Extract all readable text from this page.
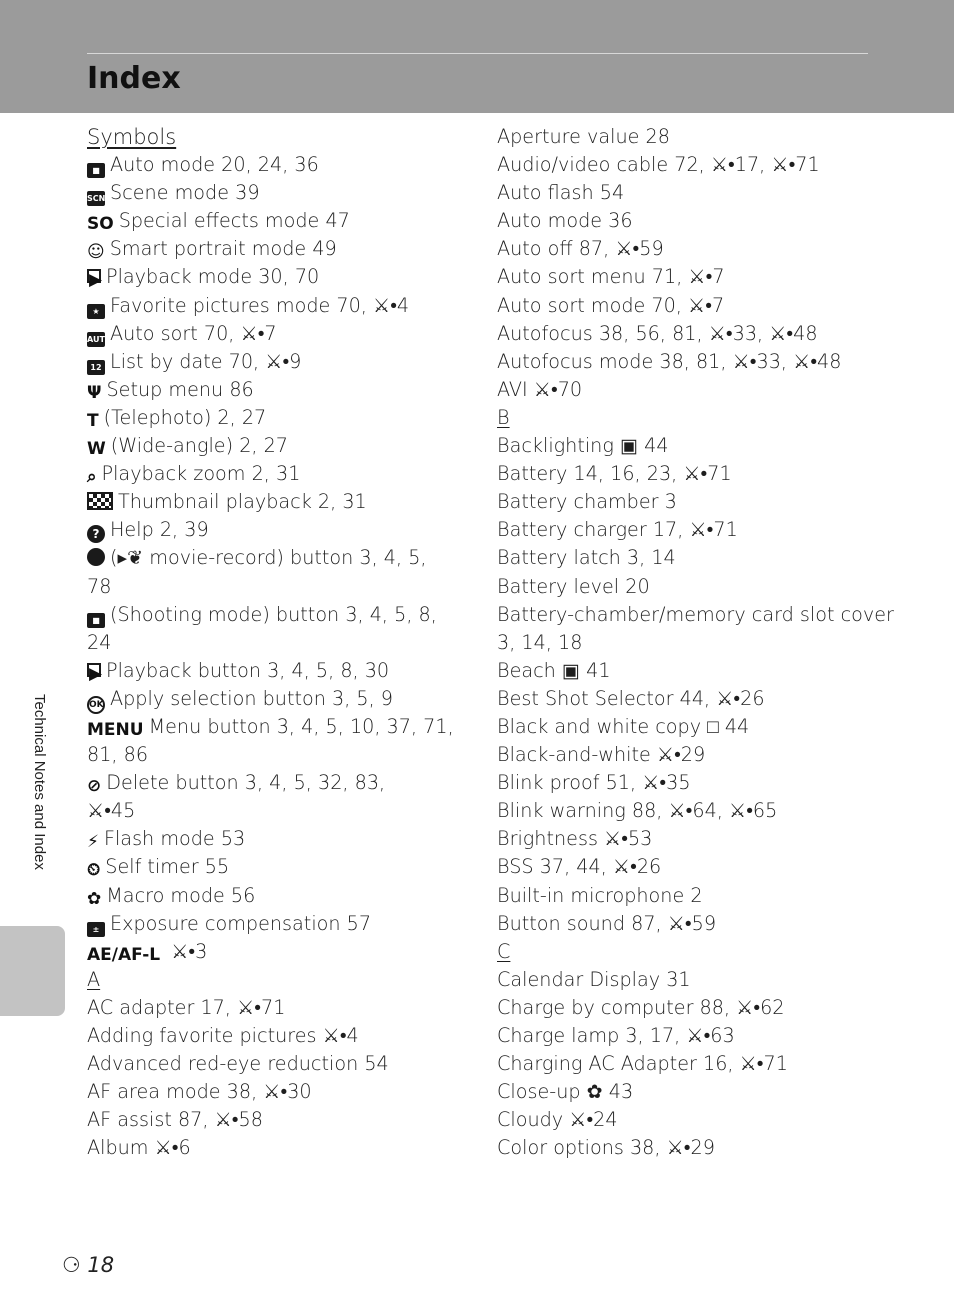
Index
Technical Notes and Index
Symbols
■ Auto mode 20, 24, 36
SCN Scene mode 39
SO Special effects mode 47
☺ Smart portrait mode 49
▶ Playback mode 30, 70
★ Favorite pictures mode 70, ⚔•4
AUTOAuto sort 70, ⚔•7
12 List by date 70, ⚔•9
Ψ Setup menu 86
T (Telephoto) 2, 27
W (Wide-angle) 2, 27
⌕ Playback zoom 2, 31
Thumbnail playback 2, 31
? Help 2, 39
(▸❦ movie-record) button 3, 4, 5,
78
■ (Shooting mode) button 3, 4, 5, 8,
24
▶ Playback button 3, 4, 5, 8, 30
OK Apply selection button 3, 5, 9
MENU Menu button 3, 4, 5, 10, 37, 71,
81, 86
⊘ Delete button 3, 4, 5, 32, 83,
⚔•45
⚡ Flash mode 53
⏲ Self timer 55
✿ Macro mode 56
± Exposure compensation 57
AE/AF-L ⚔•3
A
AC adapter 17, ⚔•71
Adding favorite pictures ⚔•4
Advanced red-eye reduction 54
AF area mode 38, ⚔•30
AF assist 87, ⚔•58
Album ⚔•6
Aperture value 28
Audio/video cable 72, ⚔•17, ⚔•71
Auto flash 54
Auto mode 36
Auto off 87, ⚔•59
Auto sort menu 71, ⚔•7
Auto sort mode 70, ⚔•7
Autofocus 38, 56, 81, ⚔•33, ⚔•48
Autofocus mode 38, 81, ⚔•33, ⚔•48
AVI ⚔•70
B
Backlighting ▣ 44
Battery 14, 16, 23, ⚔•71
Battery chamber 3
Battery charger 17, ⚔•71
Battery latch 3, 14
Battery level 20
Battery-chamber/memory card slot cover
3, 14, 18
Beach ▣ 41
Best Shot Selector 44, ⚔•26
Black and white copy □ 44
Black-and-white ⚔•29
Blink proof 51, ⚔•35
Blink warning 88, ⚔•64, ⚔•65
Brightness ⚔•53
BSS 37, 44, ⚔•26
Built-in microphone 2
Button sound 87, ⚔•59
C
Calendar Display 31
Charge by computer 88, ⚔•62
Charge lamp 3, 17, ⚔•63
Charging AC Adapter 16, ⚔•71
Close-up ✿ 43
Cloudy ⚔•24
Color options 38, ⚔•29
⚆ 18
